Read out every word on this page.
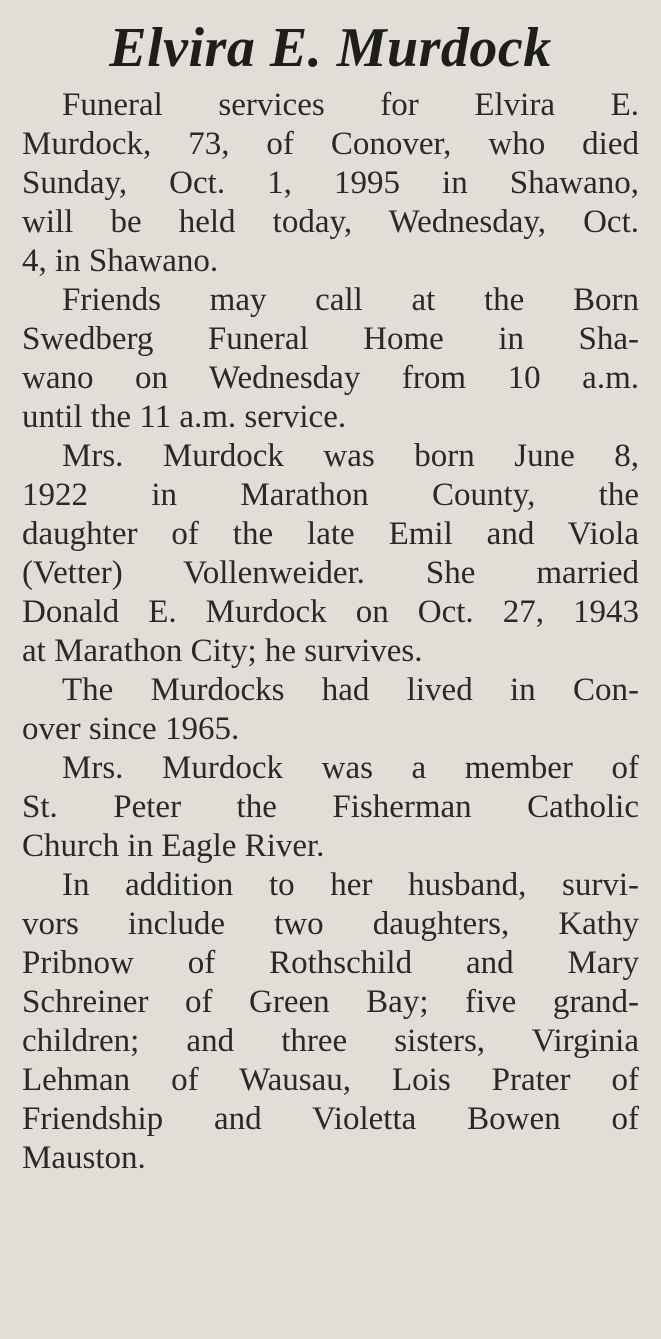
Elvira E. Murdock

Funeral services for Elvira E.
Murdock, 73, of Conover, who died
Sunday, Oct. 1, 1995 in Shawano,
will be held today, Wednesday, Oct.
4, in Shawano.

Friends may call at the Born
Swedberg Funeral Home in Sha-
wano on Wednesday from 10 a.m.
until the 11 a.m. service.

Mrs. Murdock was born June 8,
1922 in Marathon County, the
daughter of the late Emil and Viola
(Vetter) Vollenweider. She married
Donald E. Murdock on Oct. 27, 1943
at Marathon City; he survives.

The Murdocks had lived in Con-
over since 1965.

Mrs. Murdock was a member of
St. Peter the Fisherman Catholic
Church in Eagle River.

In addition to her husband, survi-
vors include two daughters, Kathy
Pribnow of Rothschild and Mary
Schreiner of Green Bay; five grand-
children; and three sisters, Virginia
Lehman of Wausau, Lois Prater of
Friendship and Violetta Bowen of
Mauston.
